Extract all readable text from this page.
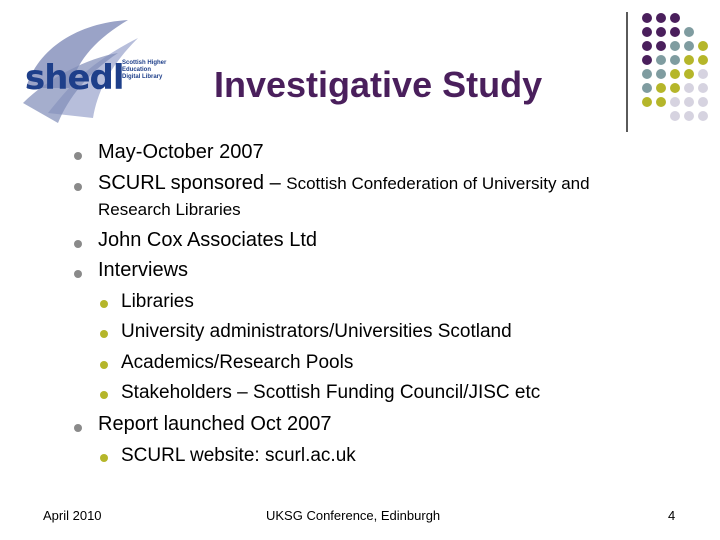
shedl
Scottish Higher
Education
Digital Library	Investigative Study
May-October 2007
SCURL sponsored – Scottish Confederation of University and
Research Libraries
John Cox Associates Ltd
Interviews
Libraries
University administrators/Universities Scotland
Academics/Research Pools
Stakeholders – Scottish Funding Council/JISC etc
Report launched Oct 2007
SCURL website: scurl.ac.uk
April 2010	UKSG Conference, Edinburgh	4
